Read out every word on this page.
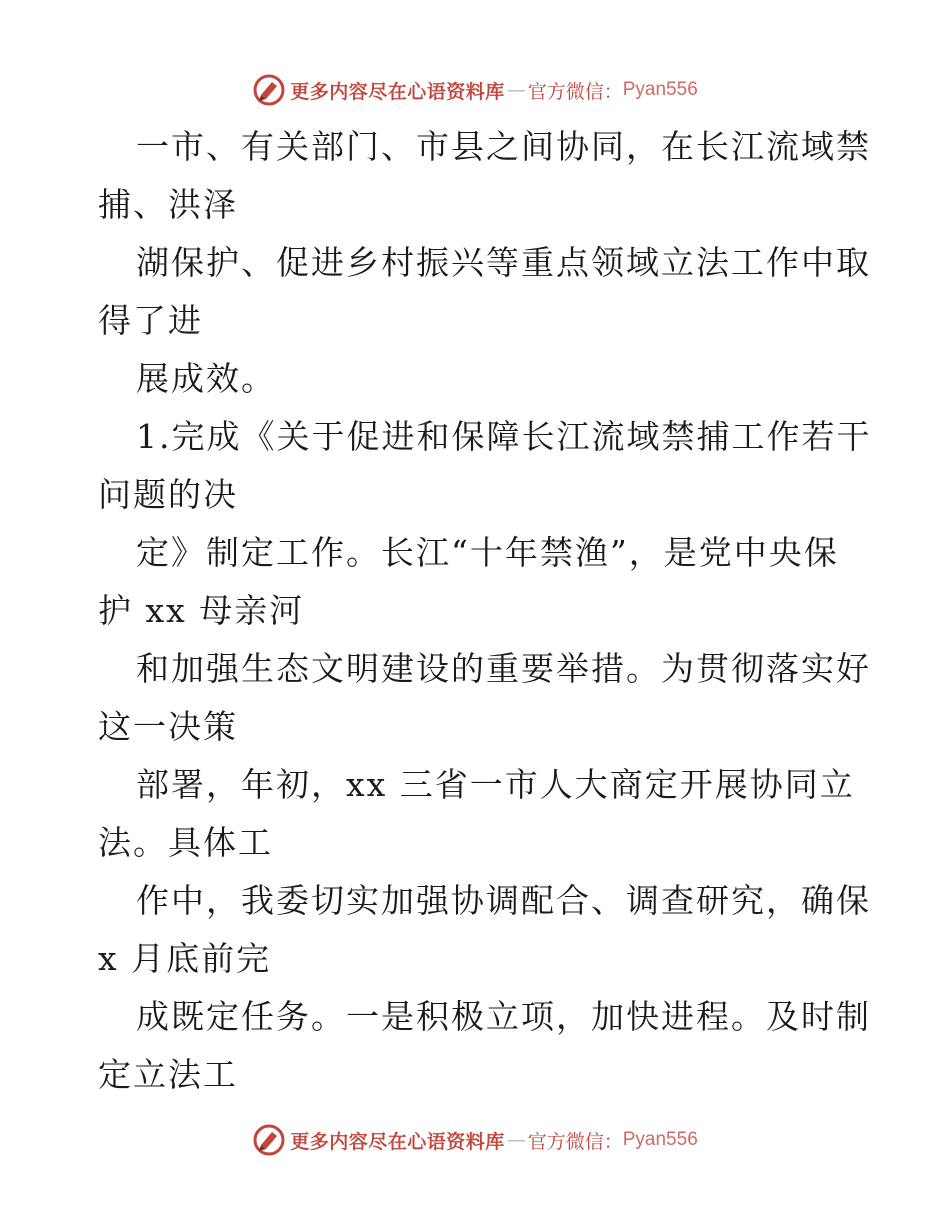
更多内容尽在心语资料库 — 官方微信： Pyan556

一市、有关部门、市县之间协同，在长江流域禁
捕、洪泽

湖保护、促进乡村振兴等重点领域立法工作中取
得了进

展成效。

1.完成《关于促进和保障长江流域禁捕工作若干
问题的决

定》制定工作。长江“十年禁渔”，是党中央保
护 xx 母亲河

和加强生态文明建设的重要举措。为贯彻落实好
这一决策

部署，年初，xx 三省一市人大商定开展协同立
法。具体工

作中，我委切实加强协调配合、调查研究，确保
x 月底前完

成既定任务。一是积极立项，加快进程。及时制
定立法工

更多内容尽在心语资料库 — 官方微信： Pyan556
